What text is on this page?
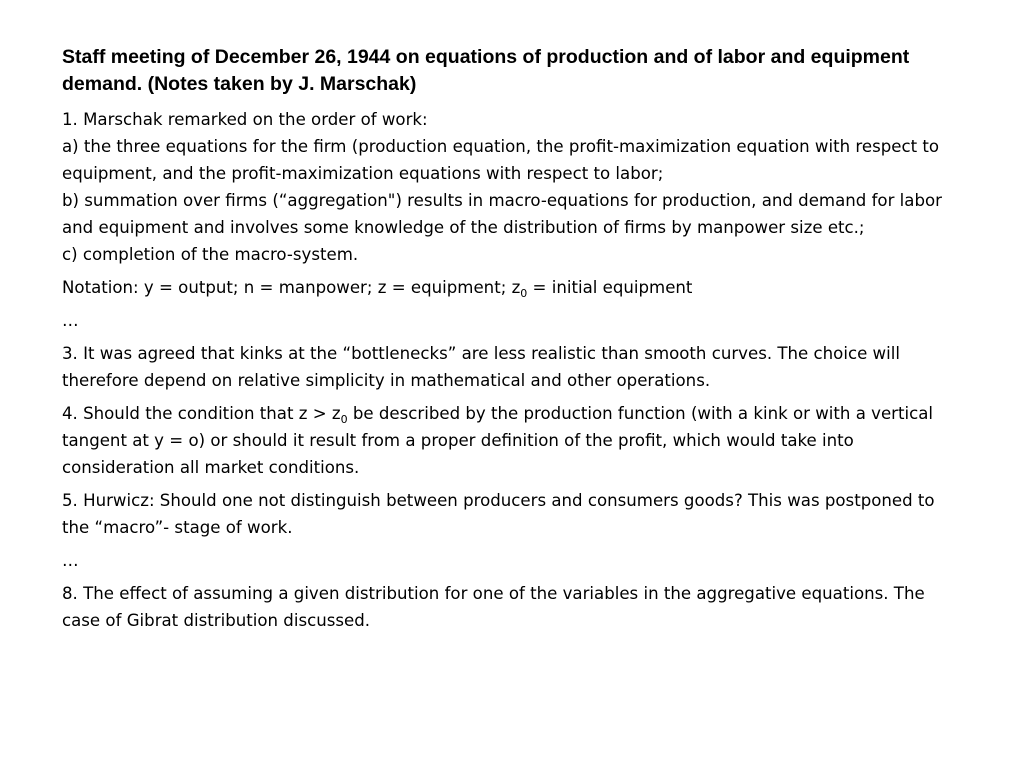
Staff meeting of December 26, 1944 on equations of production and of labor and equipment demand. (Notes taken by J. Marschak)
1. Marschak remarked on the order of work:
a) the three equations for the firm (production equation, the profit-maximization equation with respect to equipment, and the profit-maximization equations with respect to labor;
b) summation over firms (“aggregation") results in macro-equations for production, and demand for labor and equipment and involves some knowledge of the distribution of firms by manpower size etc.;
c) completion of the macro-system.
Notation: y = output; n = manpower; z = equipment; $z_0$ = initial equipment
…
3. It was agreed that kinks at the “bottlenecks” are less realistic than smooth curves. The choice will therefore depend on relative simplicity in mathematical and other operations.
4. Should the condition that $z > z_0$ be described by the production function (with a kink or with a vertical tangent at y = o) or should it result from a proper definition of the profit, which would take into consideration all market conditions.
5. Hurwicz: Should one not distinguish between producers and consumers goods? This was postponed to the “macro”- stage of work.
…
8. The effect of assuming a given distribution for one of the variables in the aggregative equations. The case of Gibrat distribution discussed.
